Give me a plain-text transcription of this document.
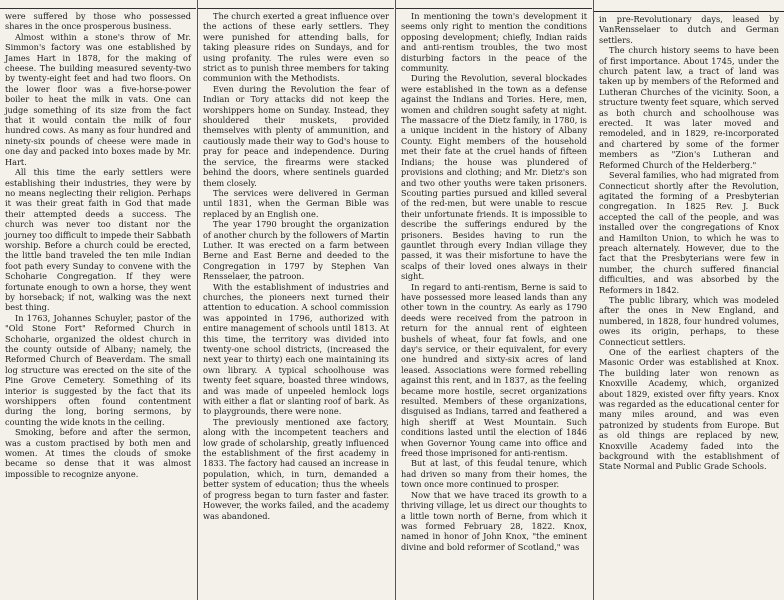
were suffered by those who possessed shares in the once prosperous business.

Almost within a stone's throw of Mr. Simmon's factory was one established by James Hart in 1878, for the making of cheese. The building measured seventy-two by twenty-eight feet and had two floors. On the lower floor was a five-horse-power boiler to heat the milk in vats. One can judge something of its size from the fact that it would contain the milk of four hundred cows. As many as four hundred and ninety-six pounds of cheese were made in one day and packed into boxes made by Mr. Hart.

All this time the early settlers were establishing their industries, they were by no means neglecting their religion. Perhaps it was their great faith in God that made their attempted deeds a success. The church was never too distant nor the journey too difficult to impede their Sabbath worship. Before a church could be erected, the little band traveled the ten mile Indian foot path every Sunday to convene with the Schoharie Congregation. If they were fortunate enough to own a horse, they went by horseback; if not, walking was the next best thing.

In 1763, Johannes Schuyler, pastor of the "Old Stone Fort" Reformed Church in Schoharie, organized the oldest church in the county outside of Albany; namely, the Reformed Church of Beaverdam. The small log structure was erected on the site of the Pine Grove Cemetery. Something of its interior is suggested by the fact that its worshippers often found contentment during the long, boring sermons, by counting the wide knots in the ceiling.

Smoking, before and after the sermon, was a custom practised by both men and women. At times the clouds of smoke became so dense that it was almost impossible to recognize anyone.

The church exerted a great influence over the actions of these early settlers. They were punished for attending balls, for taking pleasure rides on Sundays, and for using profanity. The rules were even so strict as to punish three members for taking communion with the Methodists.

Even during the Revolution the fear of Indian or Tory attacks did not keep the worshippers home on Sunday. Instead, they shouldered their muskets, provided themselves with plenty of ammunition, and cautiously made their way to God's house to pray for peace and independence. During the service, the firearms were stacked behind the doors, where sentinels guarded them closely.

The services were delivered in German until 1831, when the German Bible was replaced by an English one.

The year 1790 brought the organization of another church by the followers of Martin Luther. It was erected on a farm between Berne and East Berne and deeded to the Congregation in 1797 by Stephen Van Rensselaer, the patroon.

With the establishment of industries and churches, the pioneers next turned their attention to education. A school commission was appointed in 1796, authorized with entire management of schools until 1813. At this time, the territory was divided into twenty-one school districts, (increased the next year to thirty) each one maintaining its own library. A typical schoolhouse was twenty feet square, boasted three windows, and was made of unpeeled hemlock logs with either a flat or slanting roof of bark. As to playgrounds, there were none.

The previously mentioned axe factory, along with the incompetent teachers and low grade of scholarship, greatly influenced the establishment of the first academy in 1833. The factory had caused an increase in population, which, in turn, demanded a better system of education; thus the wheels of progress began to turn faster and faster. However, the works failed, and the academy was abandoned.

In mentioning the town's development it seems only right to mention the conditions opposing development; chiefly, Indian raids and anti-rentism troubles, the two most disturbing factors in the peace of the community.

During the Revolution, several blockades were established in the town as a defense against the Indians and Tories. Here, men, women and children sought safety at night. The massacre of the Dietz family, in 1780, is a unique incident in the history of Albany County. Eight members of the household met their fate at the cruel hands of fifteen Indians; the house was plundered of provisions and clothing; and Mr. Dietz's son and two other youths were taken prisoners. Scouting parties pursued and killed several of the red-men, but were unable to rescue their unfortunate friends. It is impossible to describe the sufferings endured by the prisoners. Besides having to run the gauntlet through every Indian village they passed, it was their misfortune to have the scalps of their loved ones always in their sight.

In regard to anti-rentism, Berne is said to have possessed more leased lands than any other town in the country. As early as 1790 deeds were received from the patroon in return for the annual rent of eighteen bushels of wheat, four fat fowls, and one day's service, or their equivalent, for every one hundred and sixty-six acres of land leased. Associations were formed rebelling against this rent, and in 1837, as the feeling became more hostile, secret organizations resulted. Members of these organizations, disguised as Indians, tarred and feathered a high sheriff at West Mountain. Such conditions lasted until the election of 1846 when Governor Young came into office and freed those imprisoned for anti-rentism.

But at last, of this feudal tenure, which had driven so many from their homes, the town once more continued to prosper.

Now that we have traced its growth to a thriving village, let us direct our thoughts to a little town north of Berne, from which it was formed February 28, 1822. Knox, named in honor of John Knox, "the eminent divine and bold reformer of Scotland," was

in pre-Revolutionary days, leased by VanRensselaer to dutch and German settlers.

The church history seems to have been of first importance. About 1745, under the church patent law, a tract of land was taken up by members of the Reformed and Lutheran Churches of the vicinity. Soon, a structure twenty feet square, which served as both church and schoolhouse was erected. It was later moved and remodeled, and in 1829, re-incorporated and chartered by some of the former members as "Zion's Lutheran and Reformed Church of the Helderberg."

Several families, who had migrated from Connecticut shortly after the Revolution, agitated the forming of a Presbyterian congregation. In 1825 Rev. J. Buck accepted the call of the people, and was installed over the congregations of Knox and Hamilton Union, to which he was to preach alternately. However, due to the fact that the Presbyterians were few in number, the church suffered financial difficulties, and was absorbed by the Reformers in 1842.

The public library, which was modeled after the ones in New England, and numbered, in 1828, four hundred volumes, owes its origin, perhaps, to these Connecticut settlers.

One of the earliest chapters of the Masonic Order was established at Knox. The building later won renown as Knoxville Academy, which, organized about 1829, existed over fifty years. Knox was regarded as the educational center for many miles around, and was even patronized by students from Europe. But as old things are replaced by new, Knoxville Academy faded into the background with the establishment of State Normal and Public Grade Schools.
